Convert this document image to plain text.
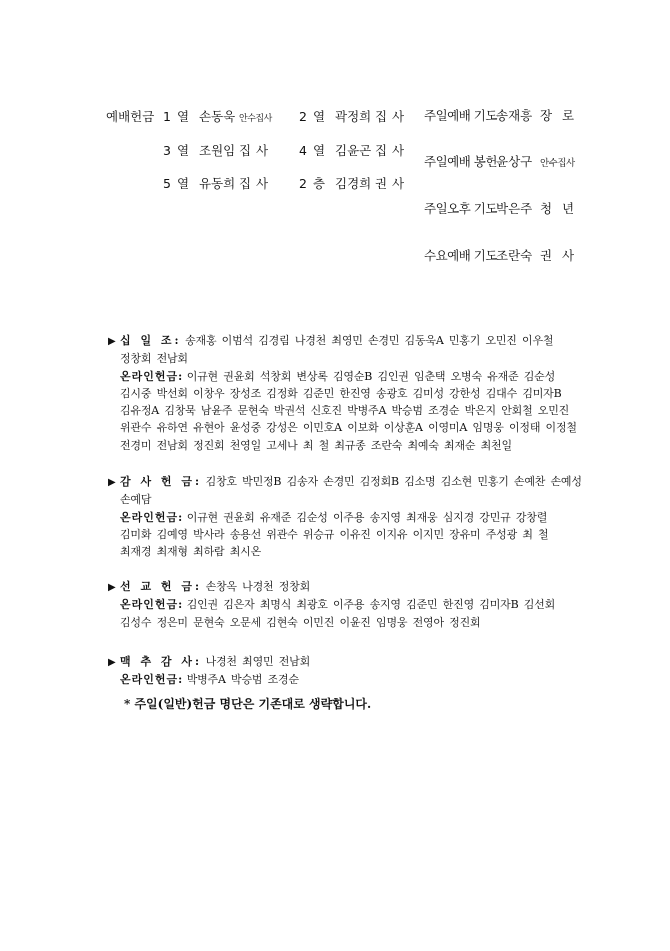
예배헌금 1 열 손동욱 안수집사 2 열 곽정희 집 사
3 열 조원임 집 사 4 열 김윤곤 집 사
5 열 유동희 집 사 2 층 김경희 권 사
주일예배 기도송재흥 장 로
주일예배 봉헌윤상구 안수집사
주일오후 기도박은주 청 년
수요예배 기도조란숙 권 사
▶ 십 일 조: 송재홍 이범석 김경림 나경천 최영민 손경민 김동욱A 민홍기 오민진 이우철
정창회 전남회
온라인헌금: 이규현 권윤회 석창회 변상록 김영순B 김인권 임춘택 오병숙 유재준 김순성
김시중 박선회 이창우 장성조 김정화 김준민 한진영 송광호 김미성 강한성 김대수 김미자B
김유정A 김창묵 남윤주 문현숙 박권석 신호진 박병주A 박승범 조경순 박은지 안회철 오민진
위관수 유하연 유현아 윤성중 강성은 이민호A 이보화 이상훈A 이영미A 임명웅 이정태 이정철
전경미 전남회 정진회 천영일 고세나 최 철 최규종 조란숙 최예숙 최재순 최천일
▶ 감 사 헌 금: 김창호 박민정B 김송자 손경민 김정회B 김소명 김소현 민홍기 손예찬 손예성
손예담
온라인헌금: 이규현 권윤회 유재준 김순성 이주용 송지영 최재웅 심지경 강민규 강창렬
김미화 김예영 박사라 송용선 위관수 위승규 이유진 이지유 이지민 장유미 주성광 최 철
최재경 최재형 최하람 최시온
▶ 선 교 헌 금: 손창옥 나경천 정창회
온라인헌금: 김인권 김은자 최명식 최광호 이주용 송지영 김준민 한진영 김미자B 김선회
김성수 정은미 문현숙 오문세 김현숙 이민진 이윤진 임명웅 전영아 정진회
▶ 맥 추 감 사: 나경천 최영민 전남회
온라인헌금: 박병주A 박승범 조경순
* 주일(일반)헌금 명단은 기존대로 생략합니다.
